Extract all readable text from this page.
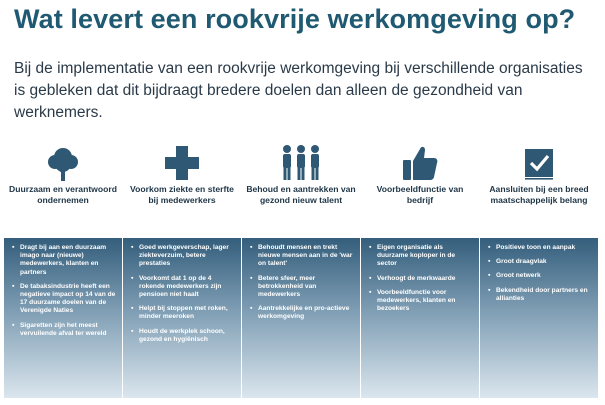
Wat levert een rookvrije werkomgeving op?
Bij de implementatie van een rookvrije werkomgeving bij verschillende organisaties is gebleken dat dit bijdraagt bredere doelen dan alleen de gezondheid van werknemers.
Duurzaam en verantwoord ondernemen
▪ Dragt bij aan een duurzaam imago naar (nieuwe) medewerkers, klanten en partners
▪ De tabaksindustrie heeft een negatieve impact op 14 van de 17 duurzame doelen van de Verenigde Naties
▪ Sigaretten zijn het meest vervuilende afval ter wereld
Voorkom ziekte en sterfte bij medewerkers
▪ Goed werkgeverschap, lager ziekteverzuim, betere prestaties
▪ Voorkomt dat 1 op de 4 rokende medewerkers zijn pensioen niet haalt
▪ Helpt bij stoppen met roken, minder meeroken
▪ Houdt de werkplek schoon, gezond en hygiënisch
Behoud en aantrekken van gezond nieuw talent
▪ Behoudt mensen en trekt nieuwe mensen aan in de 'war on talent'
▪ Betere sfeer, meer betrokkenheid van medewerkers
▪ Aantrekkelijke en pro-actieve werkomgeving
Voorbeeldfunctie van bedrijf
▪ Eigen organisatie als duurzame koploper in de sector
▪ Verhoogt de merkwaarde
▪ Voorbeeldfunctie voor medewerkers, klanten en bezoekers
Aansluiten bij een breed maatschappelijk belang
▪ Positieve toon en aanpak
▪ Groot draagvlak
▪ Groot netwerk
▪ Bekendheid door partners en allianties
